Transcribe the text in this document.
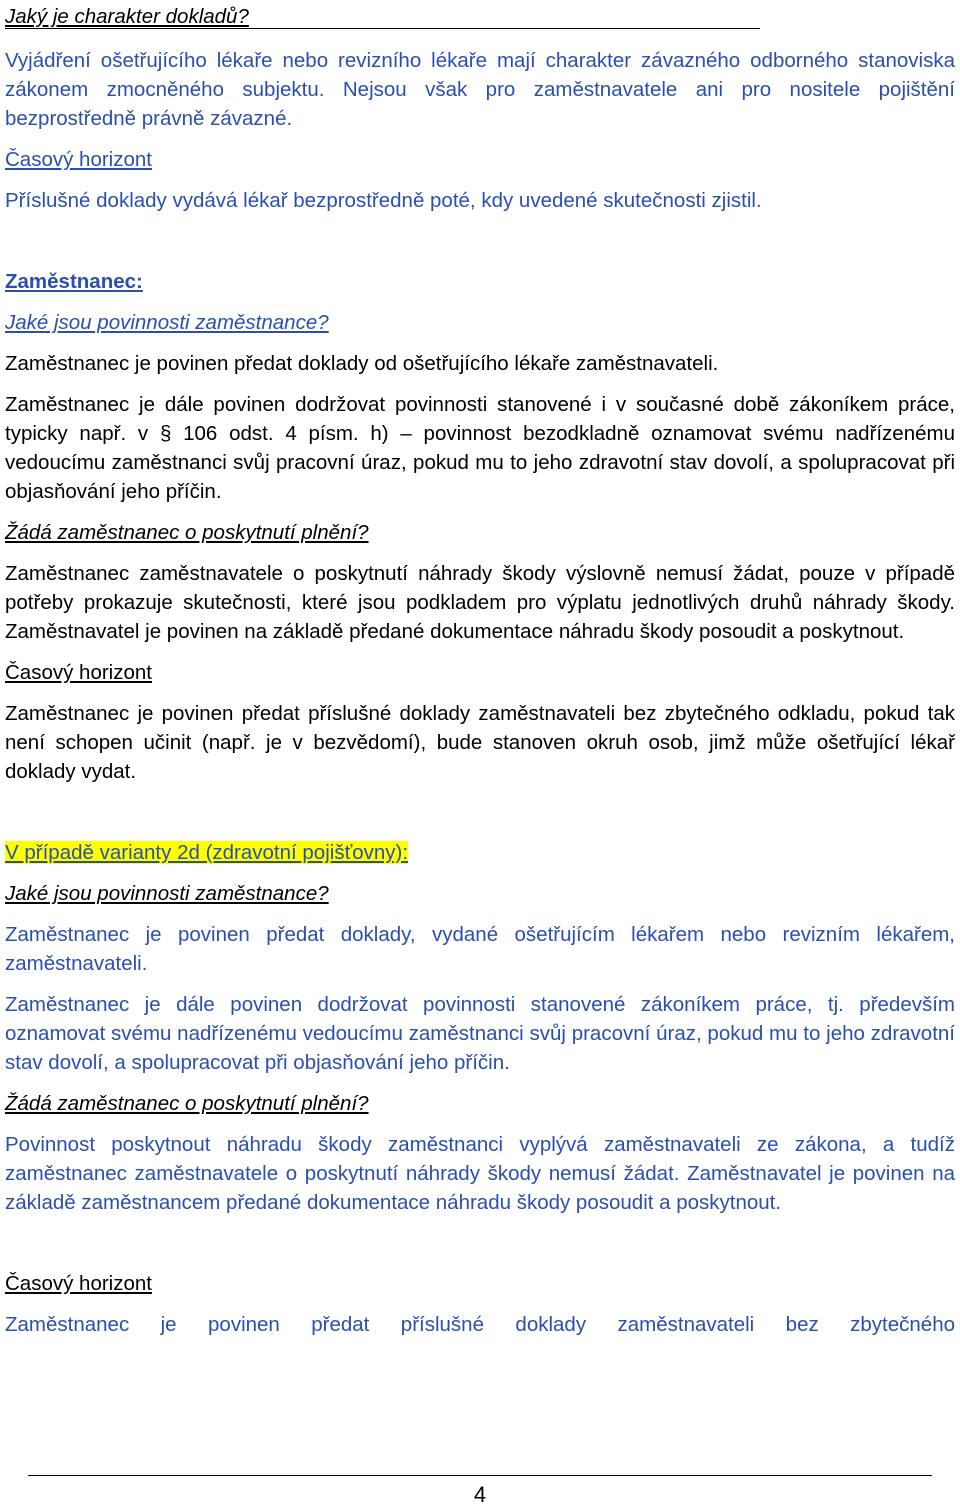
Jaký je charakter dokladů?

Vyjádření ošetřujícího lékaře nebo revizního lékaře mají charakter závazného odborného stanoviska zákonem zmocněného subjektu. Nejsou však pro zaměstnavatele ani pro nositele pojištění bezprostředně právně závazné.

Časový horizont

Příslušné doklady vydává lékař bezprostředně poté, kdy uvedené skutečnosti zjistil.

Zaměstnanec:

Jaké jsou povinnosti zaměstnance?

Zaměstnanec je povinen předat doklady od ošetřujícího lékaře zaměstnavateli.

Zaměstnanec je dále povinen dodržovat povinnosti stanovené i v současné době zákoníkem práce, typicky např. v § 106 odst. 4 písm. h) – povinnost bezodkladně oznamovat svému nadřízenému vedoucímu zaměstnanci svůj pracovní úraz, pokud mu to jeho zdravotní stav dovolí, a spolupracovat při objasňování jeho příčin.

Žádá zaměstnanec o poskytnutí plnění?

Zaměstnanec zaměstnavatele o poskytnutí náhrady škody výslovně nemusí žádat, pouze v případě potřeby prokazuje skutečnosti, které jsou podkladem pro výplatu jednotlivých druhů náhrady škody. Zaměstnavatel je povinen na základě předané dokumentace náhradu škody posoudit a poskytnout.

Časový horizont

Zaměstnanec je povinen předat příslušné doklady zaměstnavateli bez zbytečného odkladu, pokud tak není schopen učinit (např. je v bezvědomí), bude stanoven okruh osob, jimž může ošetřující lékař doklady vydat.

V případě varianty 2d (zdravotní pojišťovny):

Jaké jsou povinnosti zaměstnance?

Zaměstnanec je povinen předat doklady, vydané ošetřujícím lékařem nebo revizním lékařem, zaměstnavateli.

Zaměstnanec je dále povinen dodržovat povinnosti stanovené zákoníkem práce, tj. především oznamovat svému nadřízenému vedoucímu zaměstnanci svůj pracovní úraz, pokud mu to jeho zdravotní stav dovolí, a spolupracovat při objasňování jeho příčin.

Žádá zaměstnanec o poskytnutí plnění?

Povinnost poskytnout náhradu škody zaměstnanci vyplývá zaměstnavateli ze zákona, a tudíž zaměstnanec zaměstnavatele o poskytnutí náhrady škody nemusí žádat. Zaměstnavatel je povinen na základě zaměstnancem předané dokumentace náhradu škody posoudit a poskytnout.

Časový horizont

Zaměstnanec je povinen předat příslušné doklady zaměstnavateli bez zbytečného

4
